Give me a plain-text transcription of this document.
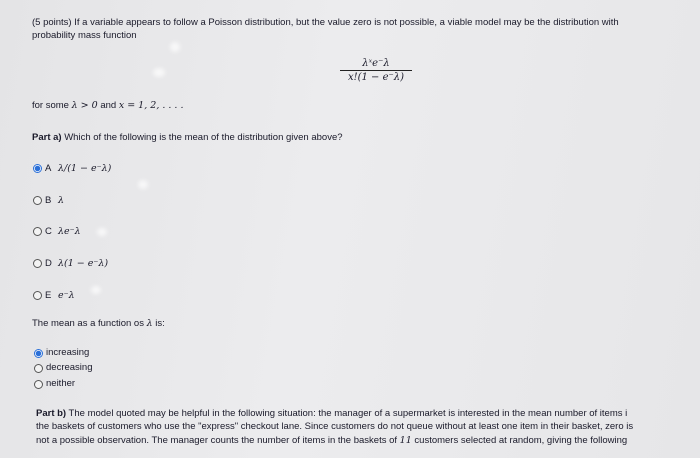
(5 points) If a variable appears to follow a Poisson distribution, but the value zero is not possible, a viable model may be the distribution with
probability mass function
λˣe⁻λ
x!(1 − e⁻λ)
for some λ > 0 and x = 1, 2, . . . .
Part a) Which of the following is the mean of the distribution given above?
A λ/(1 − e⁻λ)
B λ
C λe⁻λ
D λ(1 − e⁻λ)
E e⁻λ
The mean as a function os λ is:
increasing
decreasing
neither
Part b) The model quoted may be helpful in the following situation: the manager of a supermarket is interested in the mean number of items i
the baskets of customers who use the "express" checkout lane. Since customers do not queue without at least one item in their basket, zero is
not a possible observation. The manager counts the number of items in the baskets of 11 customers selected at random, giving the following
